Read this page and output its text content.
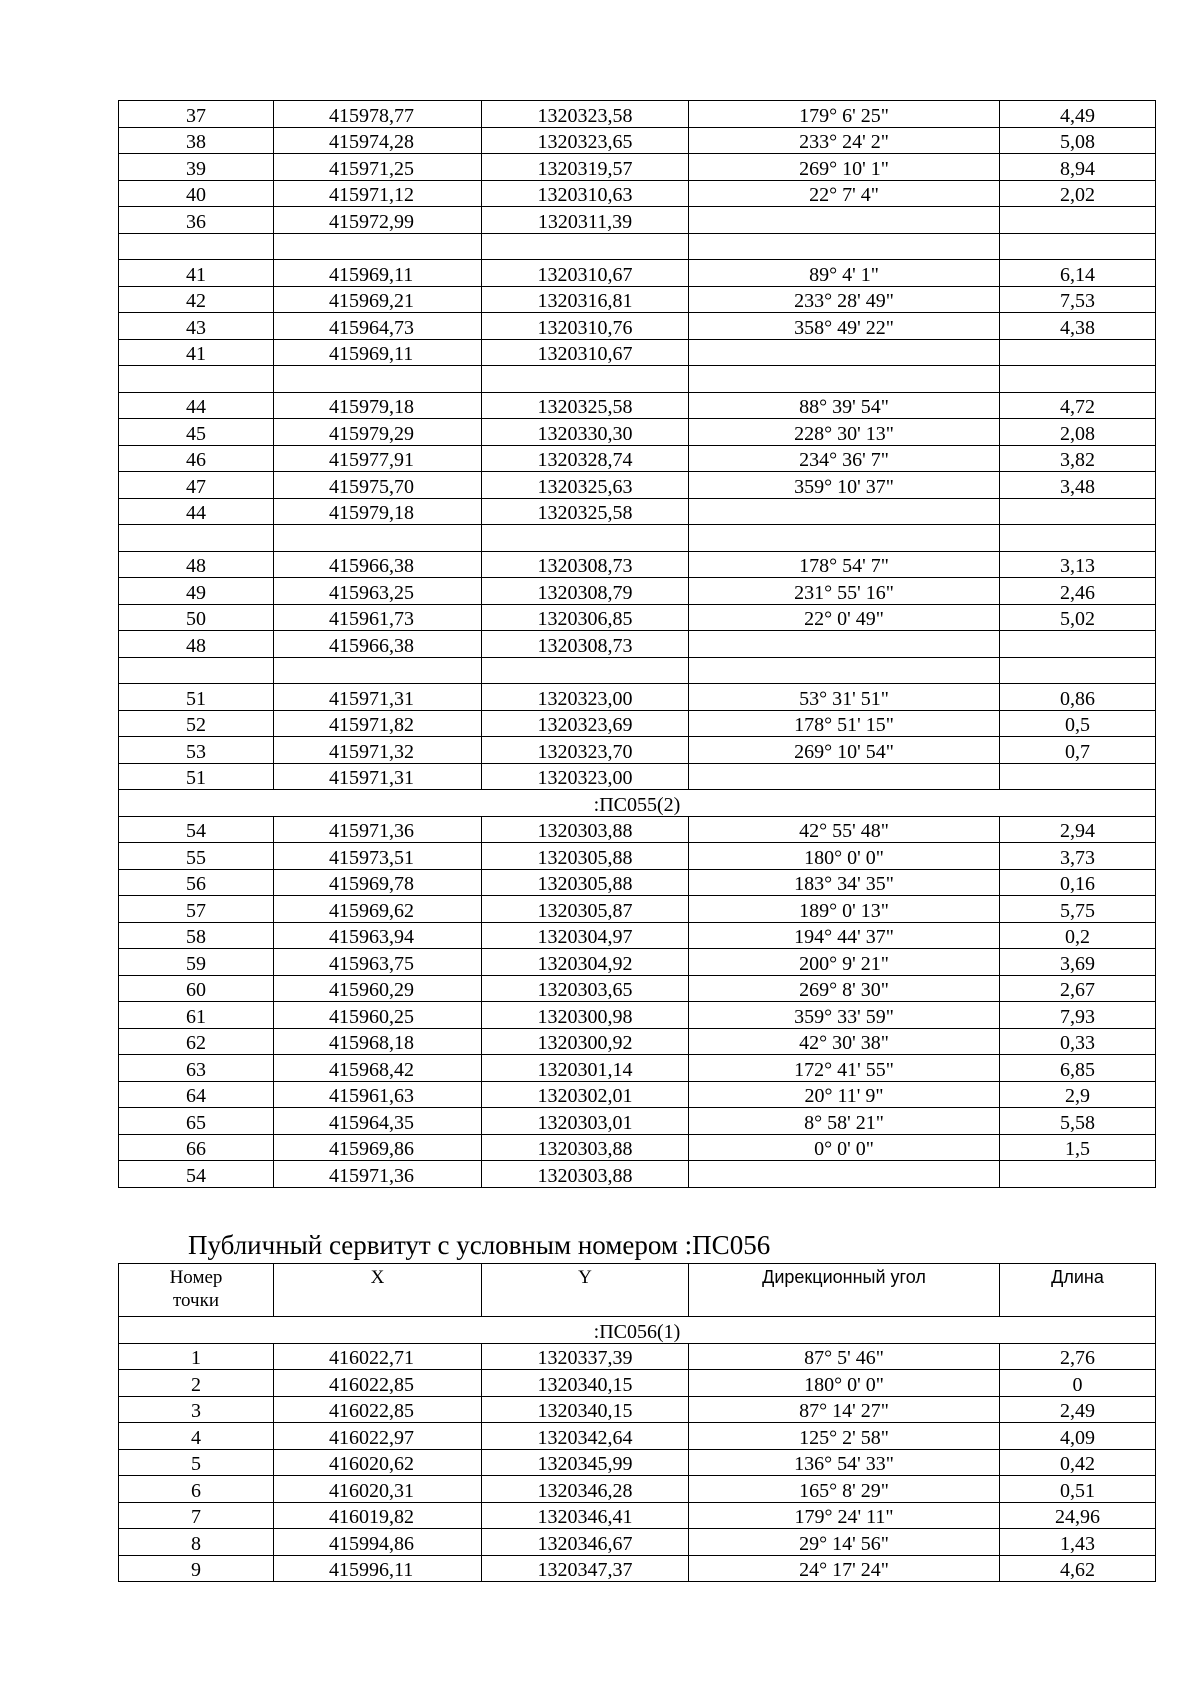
37	415978,77	1320323,58	179° 6' 25"	4,49
38	415974,28	1320323,65	233° 24' 2"	5,08
39	415971,25	1320319,57	269° 10' 1"	8,94
40	415971,12	1320310,63	22° 7' 4"	2,02
36	415972,99	1320311,39		

41	415969,11	1320310,67	89° 4' 1"	6,14
42	415969,21	1320316,81	233° 28' 49"	7,53
43	415964,73	1320310,76	358° 49' 22"	4,38
41	415969,11	1320310,67		

44	415979,18	1320325,58	88° 39' 54"	4,72
45	415979,29	1320330,30	228° 30' 13"	2,08
46	415977,91	1320328,74	234° 36' 7"	3,82
47	415975,70	1320325,63	359° 10' 37"	3,48
44	415979,18	1320325,58		

48	415966,38	1320308,73	178° 54' 7"	3,13
49	415963,25	1320308,79	231° 55' 16"	2,46
50	415961,73	1320306,85	22° 0' 49"	5,02
48	415966,38	1320308,73		

51	415971,31	1320323,00	53° 31' 51"	0,86
52	415971,82	1320323,69	178° 51' 15"	0,5
53	415971,32	1320323,70	269° 10' 54"	0,7
51	415971,31	1320323,00		
:ПС055(2)				
54	415971,36	1320303,88	42° 55' 48"	2,94
55	415973,51	1320305,88	180° 0' 0"	3,73
56	415969,78	1320305,88	183° 34' 35"	0,16
57	415969,62	1320305,87	189° 0' 13"	5,75
58	415963,94	1320304,97	194° 44' 37"	0,2
59	415963,75	1320304,92	200° 9' 21"	3,69
60	415960,29	1320303,65	269° 8' 30"	2,67
61	415960,25	1320300,98	359° 33' 59"	7,93
62	415968,18	1320300,92	42° 30' 38"	0,33
63	415968,42	1320301,14	172° 41' 55"	6,85
64	415961,63	1320302,01	20° 11' 9"	2,9
65	415964,35	1320303,01	8° 58' 21"	5,58
66	415969,86	1320303,88	0° 0' 0"	1,5
54	415971,36	1320303,88		
Публичный сервитут с условным номером :ПС056
Номер точки	X	Y	Дирекционный угол	Длина
:ПС056(1)				
1	416022,71	1320337,39	87° 5' 46"	2,76
2	416022,85	1320340,15	180° 0' 0"	0
3	416022,85	1320340,15	87° 14' 27"	2,49
4	416022,97	1320342,64	125° 2' 58"	4,09
5	416020,62	1320345,99	136° 54' 33"	0,42
6	416020,31	1320346,28	165° 8' 29"	0,51
7	416019,82	1320346,41	179° 24' 11"	24,96
8	415994,86	1320346,67	29° 14' 56"	1,43
9	415996,11	1320347,37	24° 17' 24"	4,62
